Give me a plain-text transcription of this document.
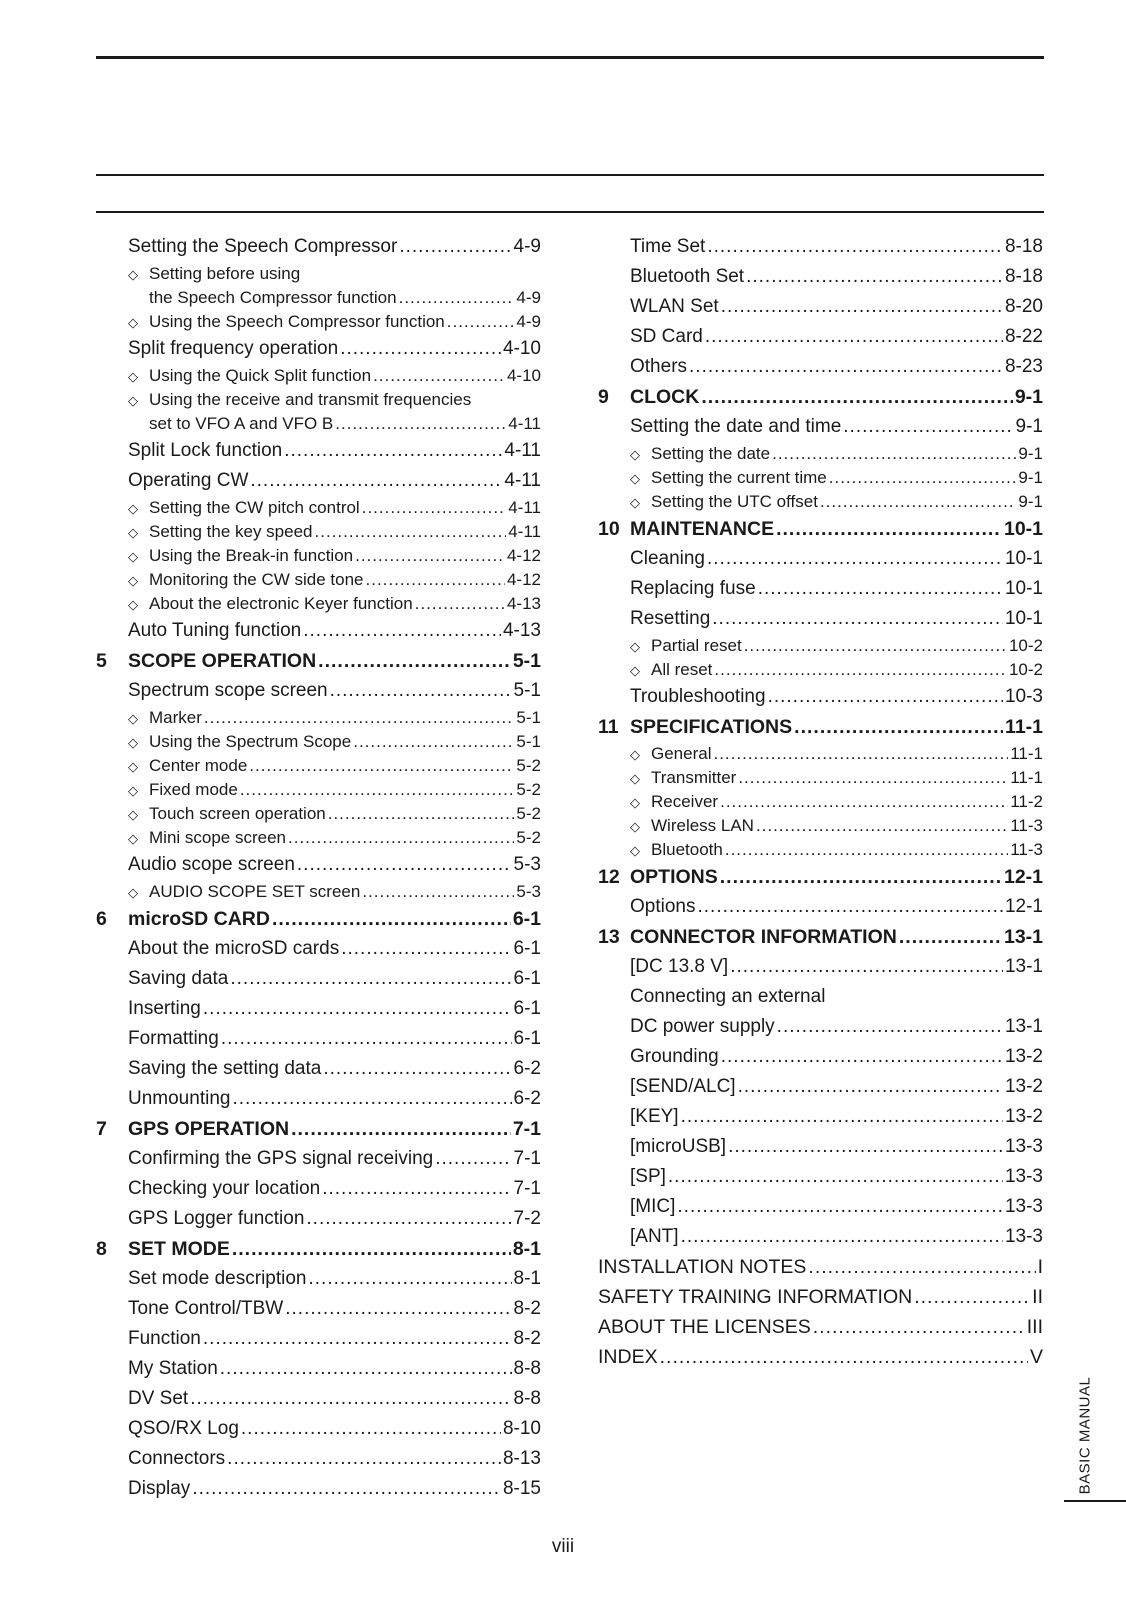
Setting the Speech Compressor .....	4-9
◇ Setting before using
the Speech Compressor function .....	4-9
◇ Using the Speech Compressor function .....	4-9
Split frequency operation .....	4-10
◇ Using the Quick Split function .....	4-10
◇ Using the receive and transmit frequencies
set to VFO A and VFO B .....	4-11
Split Lock function .....	4-11
Operating CW .....	4-11
◇ Setting the CW pitch control .....	4-11
◇ Setting the key speed .....	4-11
◇ Using the Break-in function .....	4-12
◇ Monitoring the CW side tone .....	4-12
◇ About the electronic Keyer function .....	4-13
Auto Tuning function .....	4-13
5	SCOPE OPERATION .....	5-1
Spectrum scope screen .....	5-1
◇ Marker .....	5-1
◇ Using the Spectrum Scope .....	5-1
◇ Center mode .....	5-2
◇ Fixed mode .....	5-2
◇ Touch screen operation .....	5-2
◇ Mini scope screen .....	5-2
Audio scope screen .....	5-3
◇ AUDIO SCOPE SET screen .....	5-3
6	microSD CARD .....	6-1
About the microSD cards .....	6-1
Saving data .....	6-1
Inserting .....	6-1
Formatting .....	6-1
Saving the setting data .....	6-2
Unmounting .....	6-2
7	GPS OPERATION .....	7-1
Confirming the GPS signal receiving .....	7-1
Checking your location .....	7-1
GPS Logger function .....	7-2
8	SET MODE .....	8-1
Set mode description .....	8-1
Tone Control/TBW .....	8-2
Function .....	8-2
My Station .....	8-8
DV Set .....	8-8
QSO/RX Log .....	8-10
Connectors .....	8-13
Display .....	8-15
Time Set .....	8-18
Bluetooth Set .....	8-18
WLAN Set .....	8-20
SD Card .....	8-22
Others .....	8-23
9	CLOCK .....	9-1
Setting the date and time .....	9-1
◇ Setting the date .....	9-1
◇ Setting the current time .....	9-1
◇ Setting the UTC offset .....	9-1
10 MAINTENANCE .....	10-1
Cleaning .....	10-1
Replacing fuse .....	10-1
Resetting .....	10-1
◇ Partial reset .....	10-2
◇ All reset .....	10-2
Troubleshooting .....	10-3
11 SPECIFICATIONS .....	11-1
◇ General .....	11-1
◇ Transmitter .....	11-1
◇ Receiver .....	11-2
◇ Wireless LAN .....	11-3
◇ Bluetooth .....	11-3
12 OPTIONS .....	12-1
Options .....	12-1
13 CONNECTOR INFORMATION .....	13-1
[DC 13.8 V] .....	13-1
Connecting an external
DC power supply .....	13-1
Grounding .....	13-2
[SEND/ALC] .....	13-2
[KEY] .....	13-2
[microUSB] .....	13-3
[SP] .....	13-3
[MIC] .....	13-3
[ANT] .....	13-3
INSTALLATION NOTES .....	I
SAFETY TRAINING INFORMATION .....	II
ABOUT THE LICENSES .....	III
INDEX .....	V
BASIC MANUAL
viii
